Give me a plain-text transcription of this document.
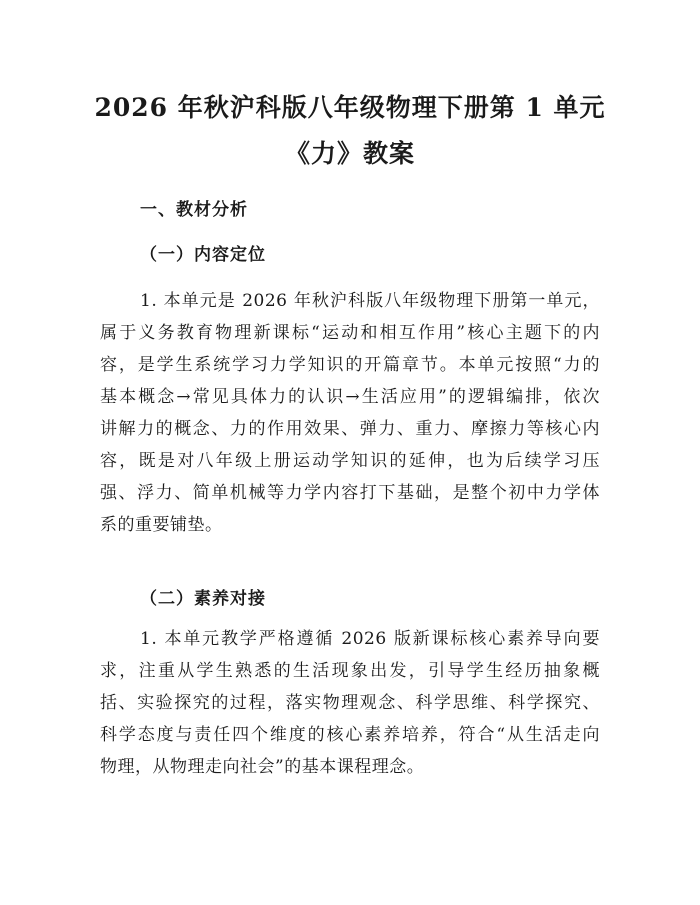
2026 年秋沪科版八年级物理下册第 1 单元
《力》教案
一、教材分析
（一）内容定位
1. 本单元是 2026 年秋沪科版八年级物理下册第一单元，
属于义务教育物理新课标“运动和相互作用”核心主题下的内
容，是学生系统学习力学知识的开篇章节。本单元按照“力的
基本概念→常见具体力的认识→生活应用”的逻辑编排，依次
讲解力的概念、力的作用效果、弹力、重力、摩擦力等核心内
容，既是对八年级上册运动学知识的延伸，也为后续学习压
强、浮力、简单机械等力学内容打下基础，是整个初中力学体
系的重要铺垫。
（二）素养对接
1. 本单元教学严格遵循 2026 版新课标核心素养导向要
求，注重从学生熟悉的生活现象出发，引导学生经历抽象概
括、实验探究的过程，落实物理观念、科学思维、科学探究、
科学态度与责任四个维度的核心素养培养，符合“从生活走向
物理，从物理走向社会”的基本课程理念。
